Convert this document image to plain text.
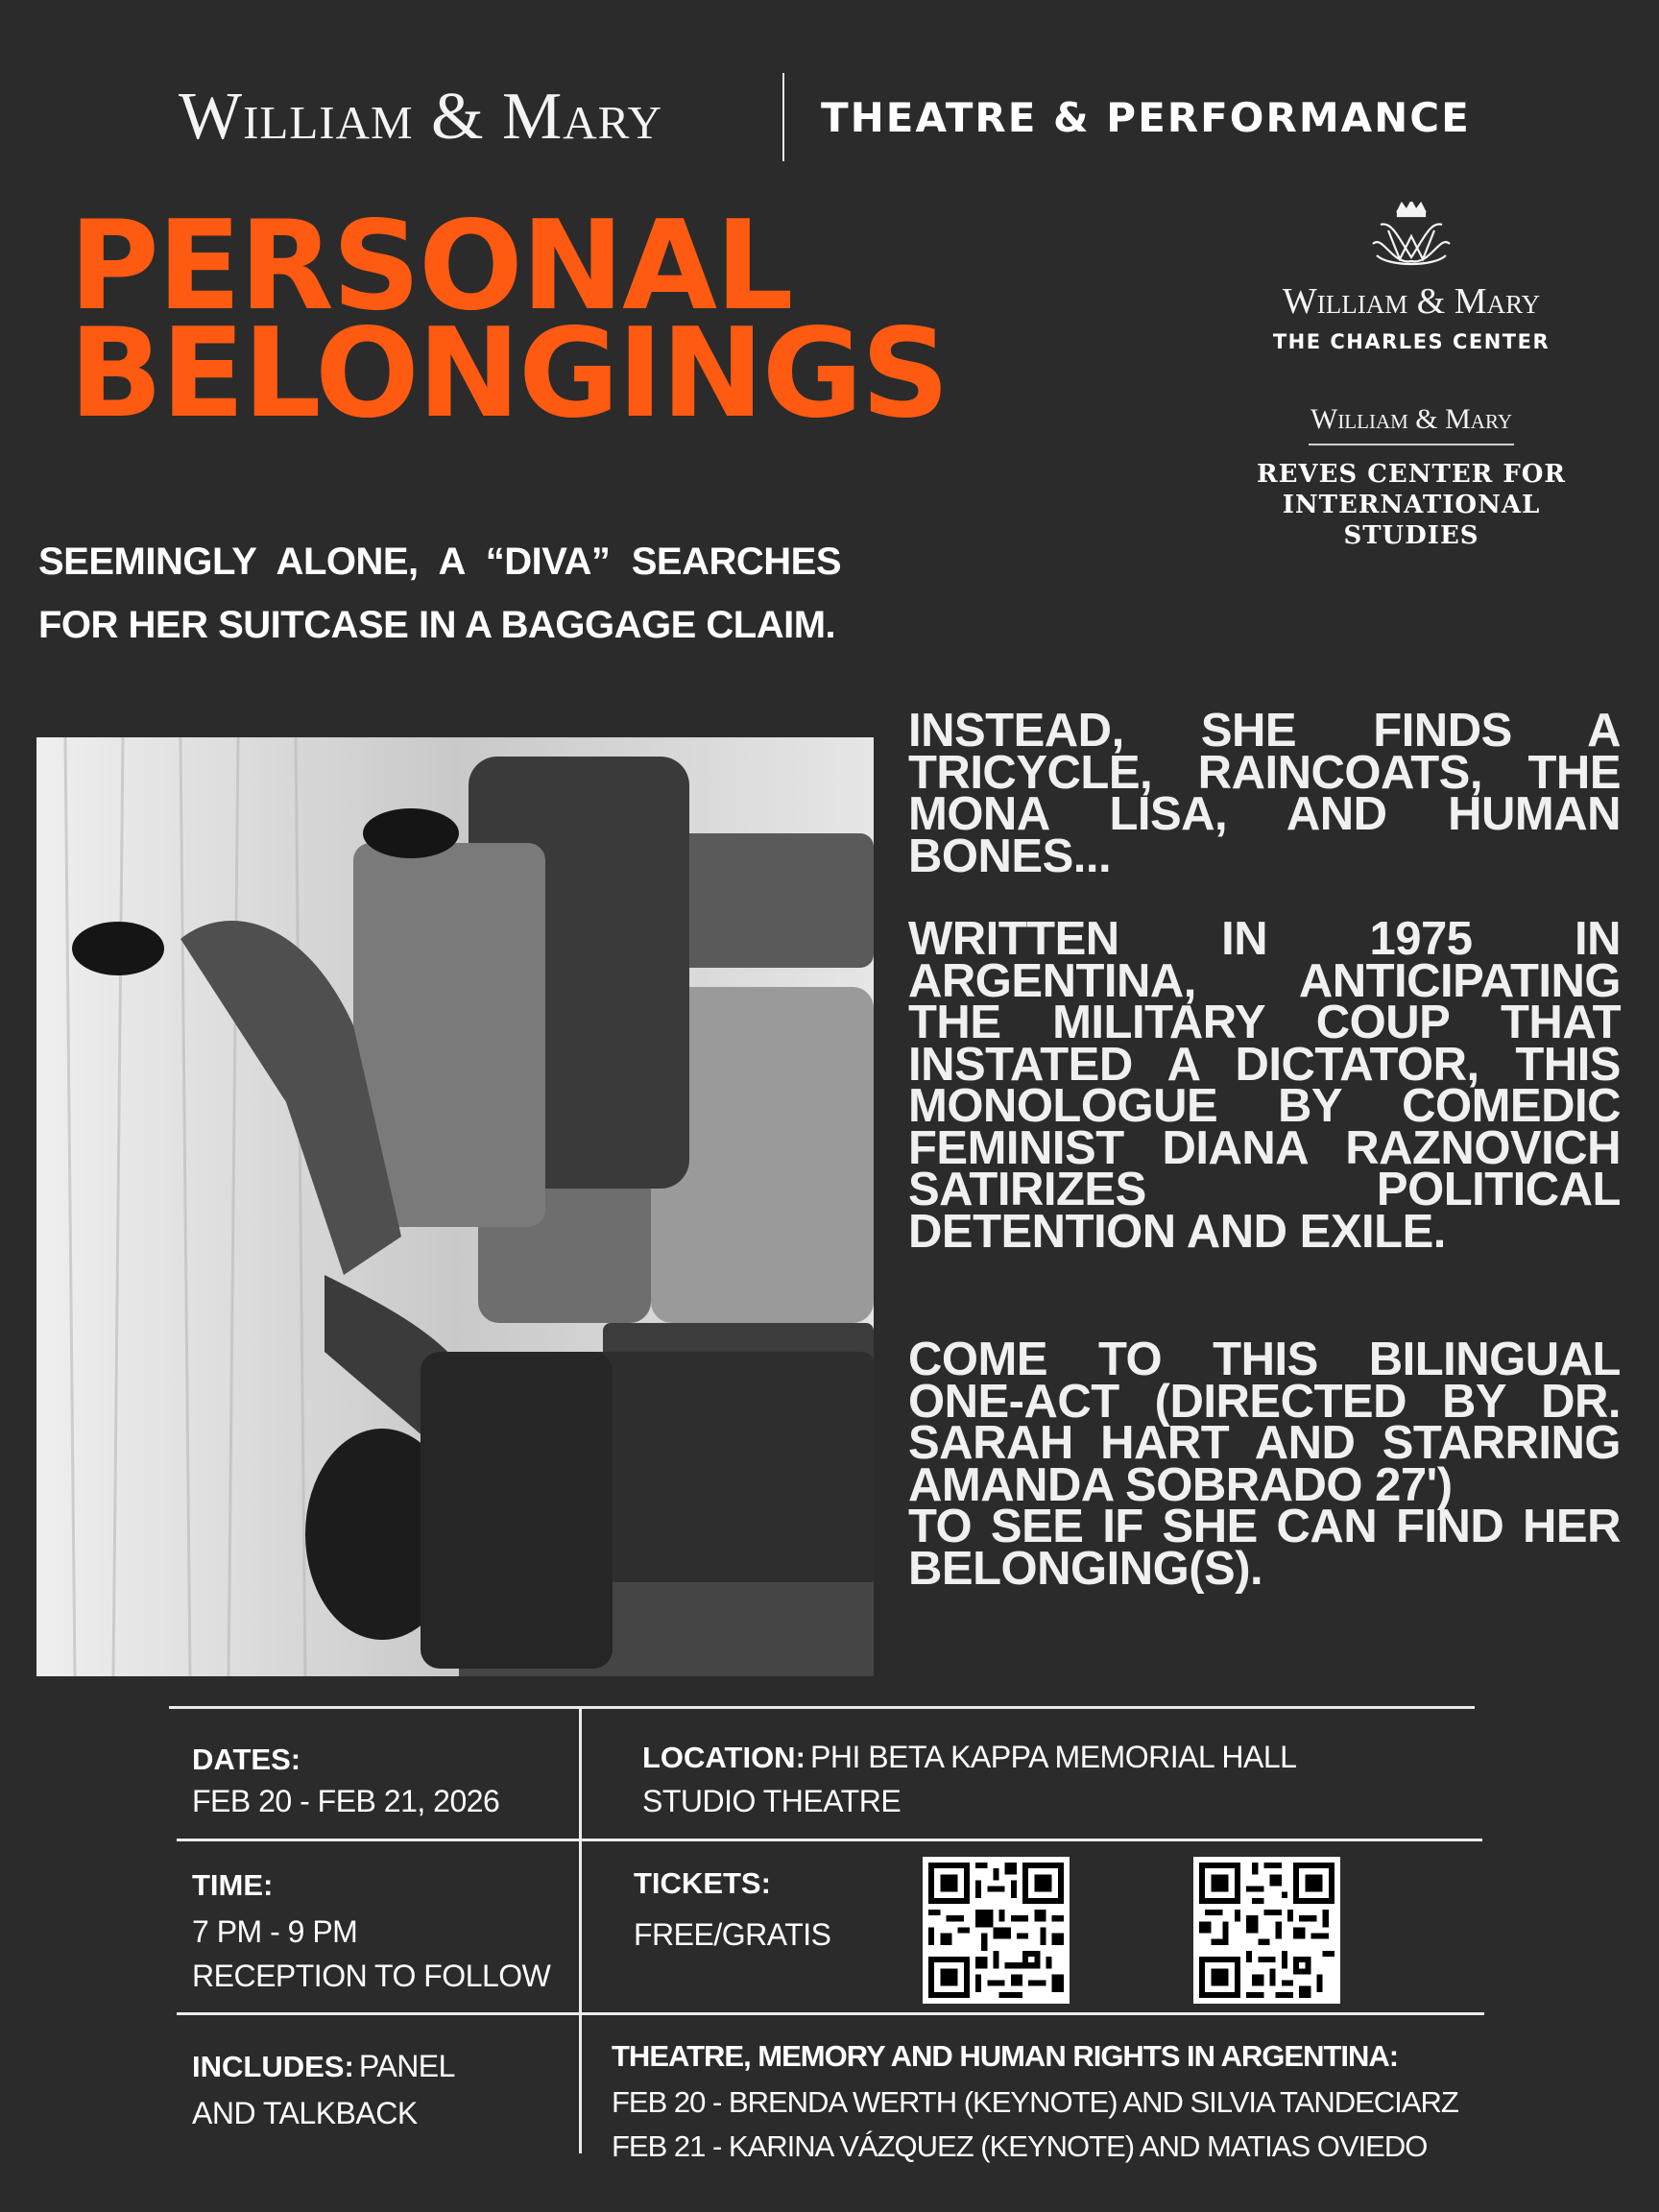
William & Mary	THEATRE & PERFORMANCE
PERSONAL
BELONGINGS
William & Mary
THE CHARLES CENTER
William & Mary
REVES CENTER FOR
INTERNATIONAL STUDIES
SEEMINGLY ALONE, A “DIVA” SEARCHES FOR HER SUITCASE IN A BAGGAGE CLAIM.

INSTEAD, SHE FINDS A TRICYCLE, RAINCOATS, THE MONA LISA, AND HUMAN BONES...

WRITTEN IN 1975 IN ARGENTINA, ANTICIPATING THE MILITARY COUP THAT INSTATED A DICTATOR, THIS MONOLOGUE BY COMEDIC FEMINIST DIANA RAZNOVICH SATIRIZES POLITICAL DETENTION AND EXILE.

COME TO THIS BILINGUAL ONE-ACT (DIRECTED BY DR. SARAH HART AND STARRING AMANDA SOBRADO 27')

TO SEE IF SHE CAN FIND HER BELONGING(S).

DATES:
FEB 20 - FEB 21, 2026
LOCATION: PHI BETA KAPPA MEMORIAL HALL
STUDIO THEATRE
TIME:
7 PM - 9 PM
RECEPTION TO FOLLOW
TICKETS:
FREE/GRATIS
INCLUDES: PANEL
AND TALKBACK
THEATRE, MEMORY AND HUMAN RIGHTS IN ARGENTINA:
FEB 20 - BRENDA WERTH (KEYNOTE) AND SILVIA TANDECIARZ
FEB 21 - KARINA VÁZQUEZ (KEYNOTE) AND MATIAS OVIEDO
